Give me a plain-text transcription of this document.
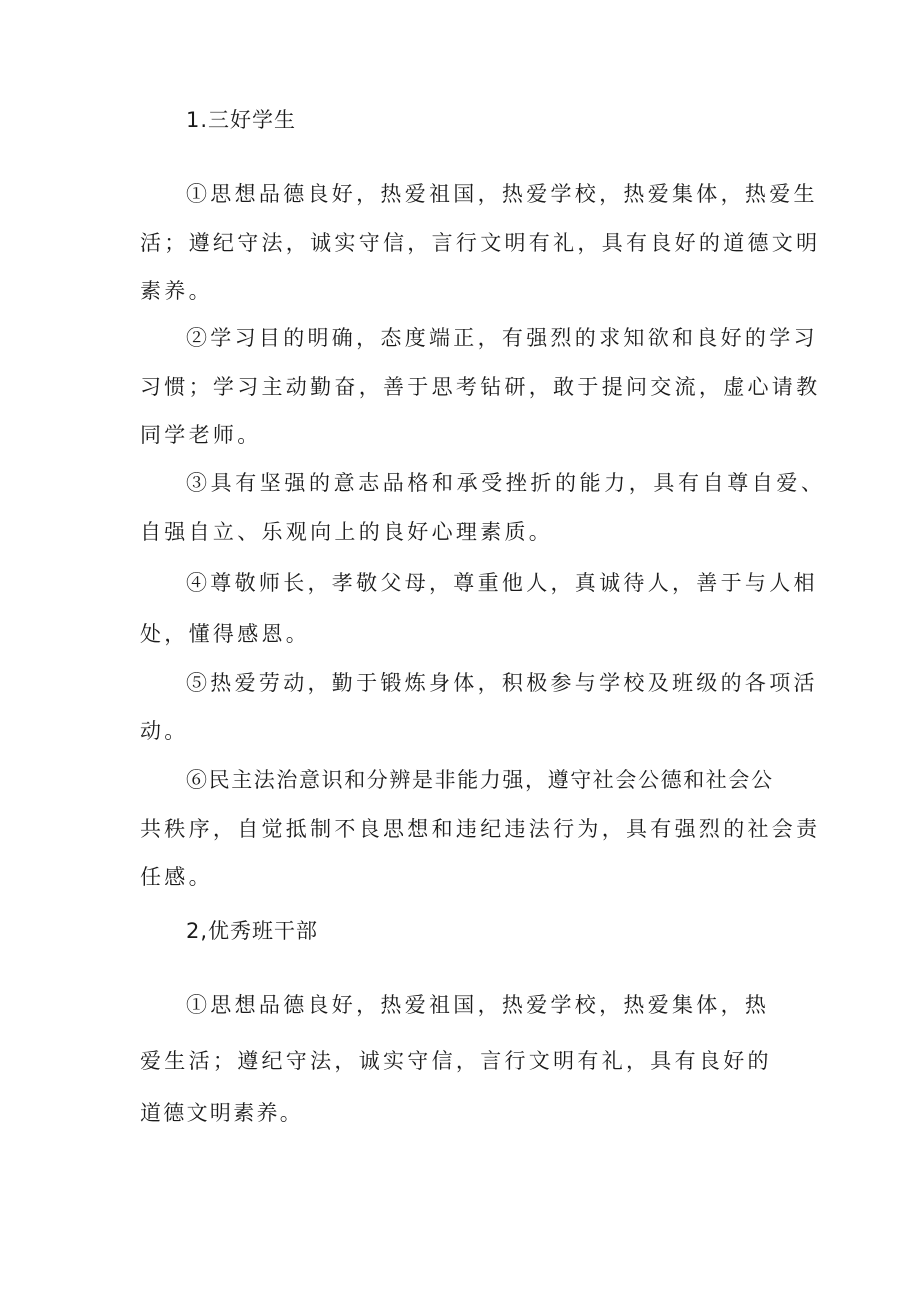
1.三好学生

①思想品德良好，热爱祖国，热爱学校，热爱集体，热爱生

活；遵纪守法，诚实守信，言行文明有礼，具有良好的道德文明

素养。

②学习目的明确，态度端正，有强烈的求知欲和良好的学习

习惯；学习主动勤奋，善于思考钻研，敢于提问交流，虚心请教

同学老师。

③具有坚强的意志品格和承受挫折的能力，具有自尊自爱、

自强自立、乐观向上的良好心理素质。

④尊敬师长，孝敬父母，尊重他人，真诚待人，善于与人相

处，懂得感恩。

⑤热爱劳动，勤于锻炼身体，积极参与学校及班级的各项活

动。

⑥民主法治意识和分辨是非能力强，遵守社会公德和社会公

共秩序，自觉抵制不良思想和违纪违法行为，具有强烈的社会责

任感。

2,优秀班干部

①思想品德良好，热爱祖国，热爱学校，热爱集体，热

爱生活；遵纪守法，诚实守信，言行文明有礼，具有良好的

道德文明素养。
